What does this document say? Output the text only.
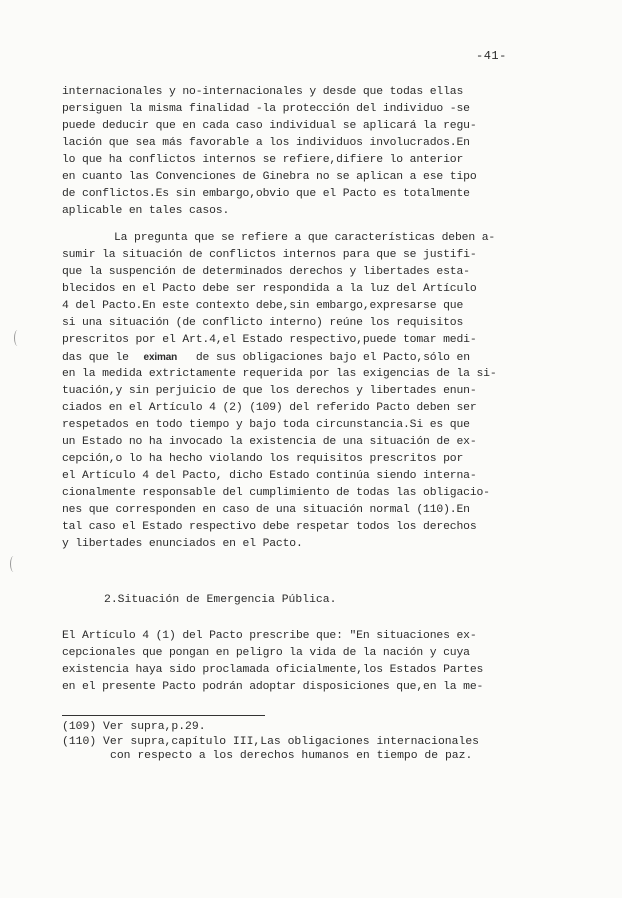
-41-
internacionales y no-internacionales y desde que todas ellas
persiguen la misma finalidad -la protección del individuo -se
puede deducir que en cada caso individual se aplicará la regu-
lación que sea más favorable a los individuos involucrados.En
lo que ha conflictos internos se refiere,difiere lo anterior
en cuanto las Convenciones de Ginebra no se aplican a ese tipo
de conflictos.Es sin embargo,obvio que el Pacto es totalmente
aplicable en tales casos.
La pregunta que se refiere a que características deben a-
sumir la situación de conflictos internos para que se justifi-
que la suspención de determinados derechos y libertades esta-
blecidos en el Pacto debe ser respondida a la luz del Artículo
4 del Pacto.En este contexto debe,sin embargo,expresarse que
si una situación (de conflicto interno) reúne los requisitos
prescritos por el Art.4,el Estado respectivo,puede tomar medi-
das que le eximan de sus obligaciones bajo el Pacto,sólo en
en la medida extrictamente requerida por las exigencias de la si-
tuación,y sin perjuicio de que los derechos y libertades enun-
ciados en el Artículo 4 (2) (109) del referido Pacto deben ser
respetados en todo tiempo y bajo toda circunstancia.Si es que
un Estado no ha invocado la existencia de una situación de ex-
cepción,o lo ha hecho violando los requisitos prescritos por
el Artículo 4 del Pacto, dicho Estado continúa siendo interna-
cionalmente responsable del cumplimiento de todas las obligacio-
nes que corresponden en caso de una situación normal (110).En
tal caso el Estado respectivo debe respetar todos los derechos
y libertades enunciados en el Pacto.
2.Situación de Emergencia Pública.
El Artículo 4 (1) del Pacto prescribe que: "En situaciones ex-
cepcionales que pongan en peligro la vida de la nación y cuya
existencia haya sido proclamada oficialmente,los Estados Partes
en el presente Pacto podrán adoptar disposiciones que,en la me-
(109) Ver supra,p.29.
(110) Ver supra,capítulo III,Las obligaciones internacionales
con respecto a los derechos humanos en tiempo de paz.
